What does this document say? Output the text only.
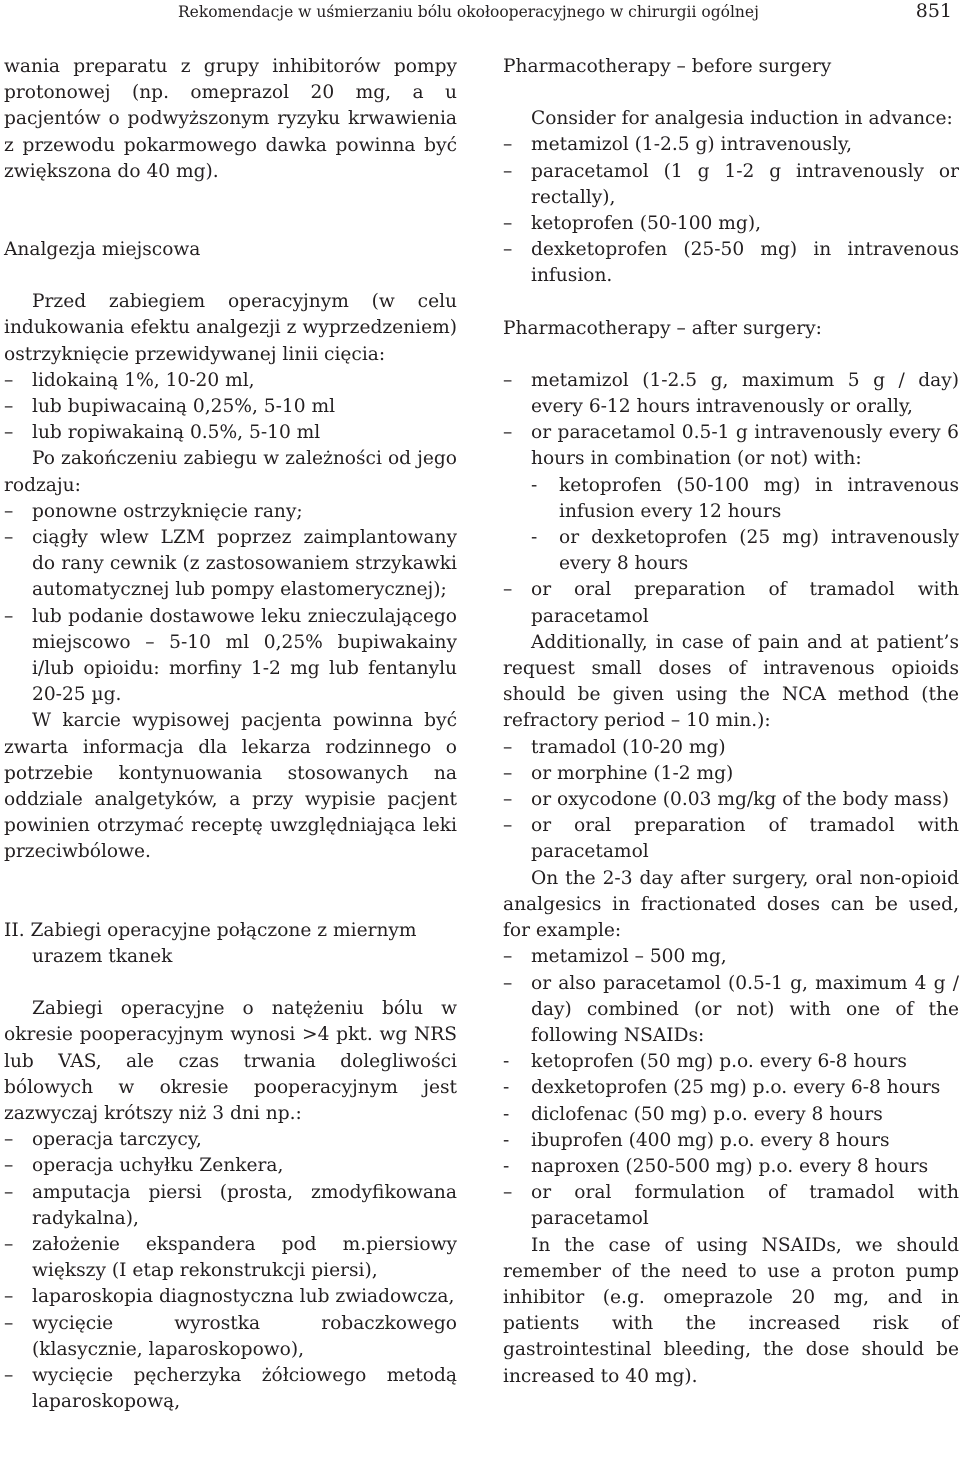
Rekomendacje w uśmierzaniu bólu okołooperacyjnego w chirurgii ogólnej	851

wania preparatu z grupy inhibitorów pompy protonowej (np. omeprazol 20 mg, a u pacjentów o podwyższonym ryzyku krwawienia z przewodu pokarmowego dawka powinna być zwiększona do 40 mg).

Analgezja miejscowa

Przed zabiegiem operacyjnym (w celu indukowania efektu analgezji z wyprzedzeniem) ostrzyknięcie przewidywanej linii cięcia:

– lidokainą 1%, 10-20 ml,
– lub bupiwacainą 0,25%, 5-10 ml
– lub ropiwakainą 0.5%, 5-10 ml

Po zakończeniu zabiegu w zależności od jego rodzaju:

– ponowne ostrzyknięcie rany;
– ciągły wlew LZM poprzez zaimplantowany do rany cewnik (z zastosowaniem strzykawki automatycznej lub pompy elastomerycznej);
– lub podanie dostawowe leku znieczulającego miejscowo – 5-10 ml 0,25% bupiwakainy i/lub opioidu: morfiny 1-2 mg lub fentanylu 20-25 µg.

W karcie wypisowej pacjenta powinna być zwarta informacja dla lekarza rodzinnego o potrzebie kontynuowania stosowanych na oddziale analgetyków, a przy wypisie pacjent powinien otrzymać receptę uwzględniająca leki przeciwbólowe.

II. Zabiegi operacyjne połączone z miernym urazem tkanek

Zabiegi operacyjne o natężeniu bólu w okresie pooperacyjnym wynosi >4 pkt. wg NRS lub VAS, ale czas trwania dolegliwości bólowych w okresie pooperacyjnym jest zazwyczaj krótszy niż 3 dni np.:

– operacja tarczycy,
– operacja uchyłku Zenkera,
– amputacja piersi (prosta, zmodyfikowana radykalna),
– założenie ekspandera pod m.piersiowy większy (I etap rekonstrukcji piersi),
– laparoskopia diagnostyczna lub zwiadowcza,
– wycięcie wyrostka robaczkowego (klasycznie, laparoskopowo),
– wycięcie pęcherzyka żółciowego metodą laparoskopową,

Pharmacotherapy – before surgery

Consider for analgesia induction in advance:

– metamizol (1-2.5 g) intravenously,
– paracetamol (1 g 1-2 g intravenously or rectally),
– ketoprofen (50-100 mg),
– dexketoprofen (25-50 mg) in intravenous infusion.

Pharmacotherapy – after surgery:

– metamizol (1-2.5 g, maximum 5 g / day) every 6-12 hours intravenously or orally,
– or paracetamol 0.5-1 g intravenously every 6 hours in combination (or not) with:
- ketoprofen (50-100 mg) in intravenous infusion every 12 hours
- or dexketoprofen (25 mg) intravenously every 8 hours
– or oral preparation of tramadol with paracetamol

Additionally, in case of pain and at patient’s request small doses of intravenous opioids should be given using the NCA method (the refractory period – 10 min.):

– tramadol (10-20 mg)
– or morphine (1-2 mg)
– or oxycodone (0.03 mg/kg of the body mass)
– or oral preparation of tramadol with paracetamol

On the 2-3 day after surgery, oral non-opioid analgesics in fractionated doses can be used, for example:

– metamizol – 500 mg,
– or also paracetamol (0.5-1 g, maximum 4 g / day) combined (or not) with one of the following NSAIDs:
- ketoprofen (50 mg) p.o. every 6-8 hours
- dexketoprofen (25 mg) p.o. every 6-8 hours
- diclofenac (50 mg) p.o. every 8 hours
- ibuprofen (400 mg) p.o. every 8 hours
- naproxen (250-500 mg) p.o. every 8 hours
– or oral formulation of tramadol with paracetamol

In the case of using NSAIDs, we should remember of the need to use a proton pump inhibitor (e.g. omeprazole 20 mg, and in patients with the increased risk of gastrointestinal bleeding, the dose should be increased to 40 mg).
